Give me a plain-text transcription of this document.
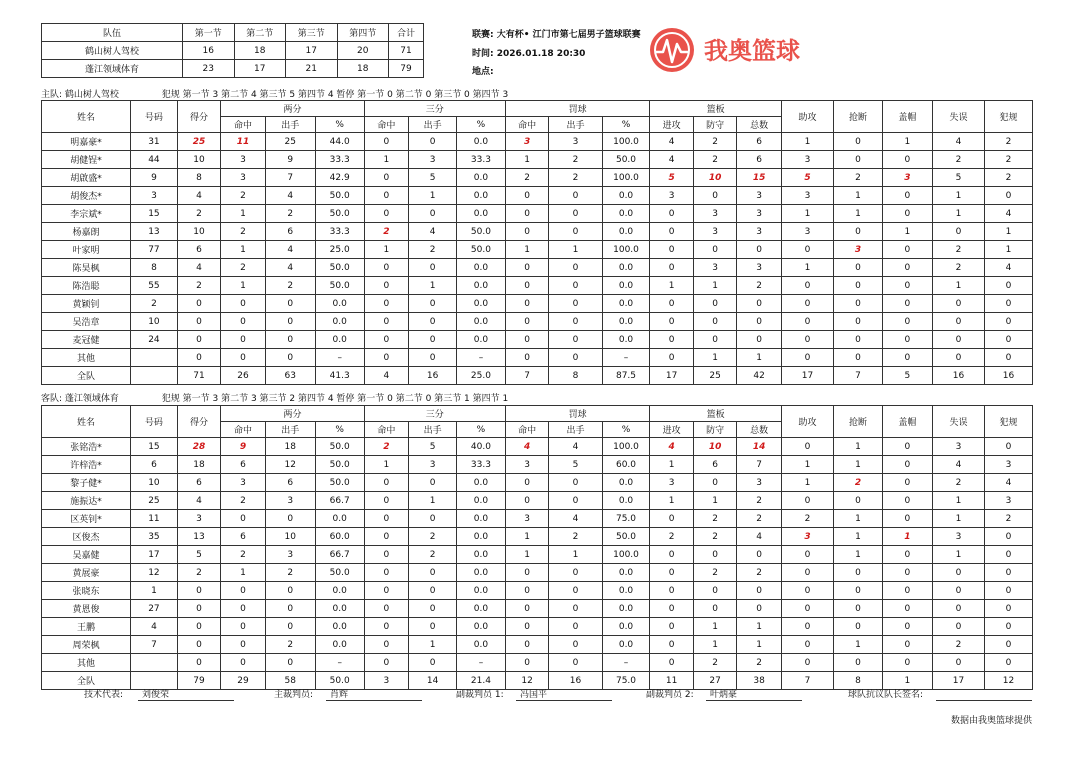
队伍	第一节	第二节	第三节	第四节	合计
鹤山树人驾校	16	18	17	20	71
蓬江领域体育	23	17	21	18	79
联赛: 大有杯• 江门市第七届男子篮球联赛
时间: 2026.01.18 20:30
地点:
我奥篮球
主队: 鹤山树人驾校	犯规 第一节 3 第二节 4 第三节 5 第四节 4 暂停 第一节 0 第二节 0 第三节 0 第四节 3
姓名	号码	得分	两分			三分			罚球			篮板			助攻	抢断	盖帽	失误	犯规
			命中	出手	%	命中	出手	%	命中	出手	%	进攻	防守	总数					
明嘉豪*	31	25	11	25	44.0	0	0	0.0	3	3	100.0	4	2	6	1	0	1	4	2
胡健锃*	44	10	3	9	33.3	1	3	33.3	1	2	50.0	4	2	6	3	0	0	2	2
胡啟盛*	9	8	3	7	42.9	0	5	0.0	2	2	100.0	5	10	15	5	2	3	5	2
胡俊杰*	3	4	2	4	50.0	0	1	0.0	0	0	0.0	3	0	3	3	1	0	1	0
李宗斌*	15	2	1	2	50.0	0	0	0.0	0	0	0.0	0	3	3	1	1	0	1	4
杨嘉朗	13	10	2	6	33.3	2	4	50.0	0	0	0.0	0	3	3	3	0	1	0	1
叶家明	77	6	1	4	25.0	1	2	50.0	1	1	100.0	0	0	0	0	3	0	2	1
陈昊枫	8	4	2	4	50.0	0	0	0.0	0	0	0.0	0	3	3	1	0	0	2	4
陈浩聪	55	2	1	2	50.0	0	1	0.0	0	0	0.0	1	1	2	0	0	0	1	0
黄颖钊	2	0	0	0	0.0	0	0	0.0	0	0	0.0	0	0	0	0	0	0	0	0
吴浩章	10	0	0	0	0.0	0	0	0.0	0	0	0.0	0	0	0	0	0	0	0	0
麦冠健	24	0	0	0	0.0	0	0	0.0	0	0	0.0	0	0	0	0	0	0	0	0
其他		0	0	0	–	0	0	–	0	0	–	0	1	1	0	0	0	0	0
全队		71	26	63	41.3	4	16	25.0	7	8	87.5	17	25	42	17	7	5	16	16
客队: 蓬江领域体育	犯规 第一节 3 第二节 3 第三节 2 第四节 4 暂停 第一节 0 第二节 0 第三节 1 第四节 1
姓名	号码	得分	两分			三分			罚球			篮板			助攻	抢断	盖帽	失误	犯规
			命中	出手	%	命中	出手	%	命中	出手	%	进攻	防守	总数					
张铭浩*	15	28	9	18	50.0	2	5	40.0	4	4	100.0	4	10	14	0	1	0	3	0
许梓浩*	6	18	6	12	50.0	1	3	33.3	3	5	60.0	1	6	7	1	1	0	4	3
黎子健*	10	6	3	6	50.0	0	0	0.0	0	0	0.0	3	0	3	1	2	0	2	4
施振达*	25	4	2	3	66.7	0	1	0.0	0	0	0.0	1	1	2	0	0	0	1	3
区英钊*	11	3	0	0	0.0	0	0	0.0	3	4	75.0	0	2	2	2	1	0	1	2
区俊杰	35	13	6	10	60.0	0	2	0.0	1	2	50.0	2	2	4	3	1	1	3	0
吴嘉健	17	5	2	3	66.7	0	2	0.0	1	1	100.0	0	0	0	0	1	0	1	0
黄展豪	12	2	1	2	50.0	0	0	0.0	0	0	0.0	0	2	2	0	0	0	0	0
张晓东	1	0	0	0	0.0	0	0	0.0	0	0	0.0	0	0	0	0	0	0	0	0
黄恩俊	27	0	0	0	0.0	0	0	0.0	0	0	0.0	0	0	0	0	0	0	0	0
王鹏	4	0	0	0	0.0	0	0	0.0	0	0	0.0	0	1	1	0	0	0	0	0
周荣枫	7	0	0	2	0.0	0	1	0.0	0	0	0.0	0	1	1	0	1	0	2	0
其他		0	0	0	–	0	0	–	0	0	–	0	2	2	0	0	0	0	0
全队		79	29	58	50.0	3	14	21.4	12	16	75.0	11	27	38	7	8	1	17	12
技术代表:	刘俊荣	主裁判员:	肖辉	副裁判员 1:	冯国平	副裁判员 2:	叶炳豪	球队抗议队长签名:
数据由我奥篮球提供
